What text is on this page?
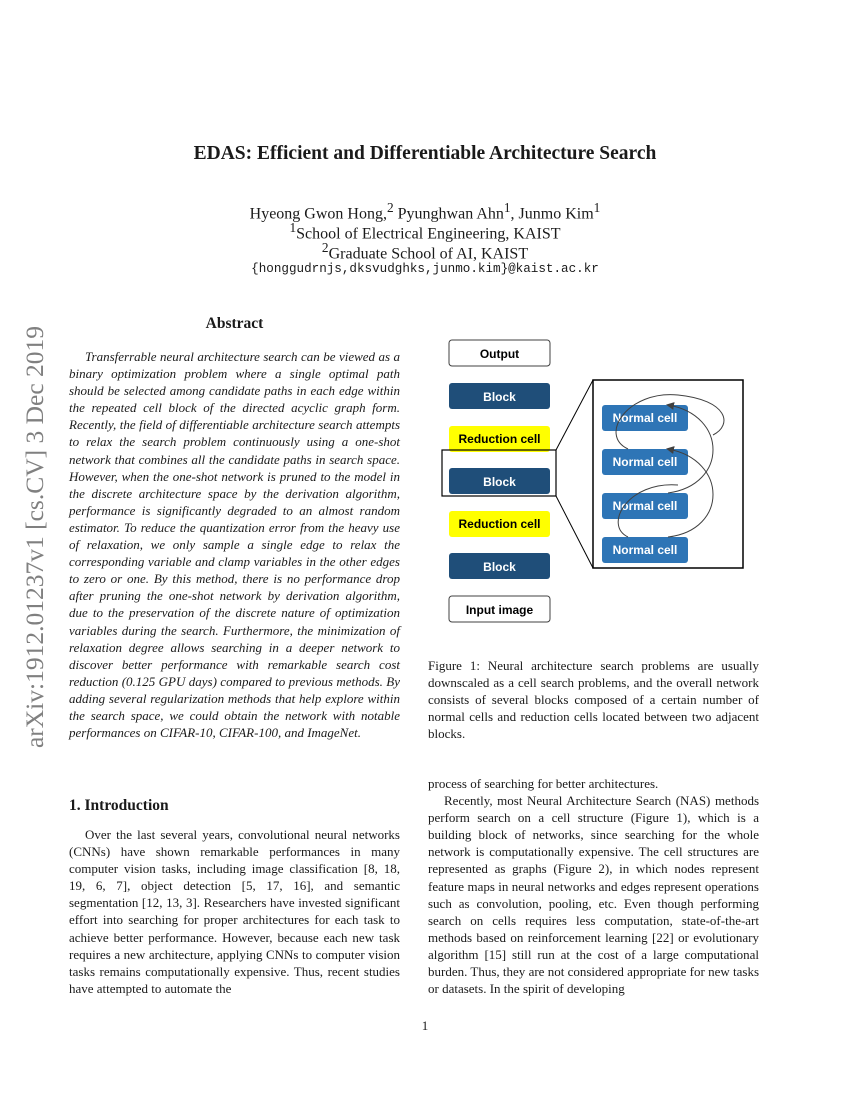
arXiv:1912.01237v1 [cs.CV] 3 Dec 2019
EDAS: Efficient and Differentiable Architecture Search
Hyeong Gwon Hong,$^2$ Pyunghwan Ahn$^1$, Junmo Kim$^1$
$^1$School of Electrical Engineering, KAIST
$^2$Graduate School of AI, KAIST
{honggudrnjs,dksvudghks,junmo.kim}@kaist.ac.kr
Abstract
Transferrable neural architecture search can be viewed as a binary optimization problem where a single optimal path should be selected among candidate paths in each edge within the repeated cell block of the directed acyclic graph form. Recently, the field of differentiable architecture search attempts to relax the search problem continuously using a one-shot network that combines all the candidate paths in search space. However, when the one-shot network is pruned to the model in the discrete architecture space by the derivation algorithm, performance is significantly degraded to an almost random estimator. To reduce the quantization error from the heavy use of relaxation, we only sample a single edge to relax the corresponding variable and clamp variables in the other edges to zero or one. By this method, there is no performance drop after pruning the one-shot network by derivation algorithm, due to the preservation of the discrete nature of optimization variables during the search. Furthermore, the minimization of relaxation degree allows searching in a deeper network to discover better performance with remarkable search cost reduction (0.125 GPU days) compared to previous methods. By adding several regularization methods that help explore within the search space, we could obtain the network with notable performances on CIFAR-10, CIFAR-100, and ImageNet.
1. Introduction
Over the last several years, convolutional neural networks (CNNs) have shown remarkable performances in many computer vision tasks, including image classification [8, 18, 19, 6, 7], object detection [5, 17, 16], and semantic segmentation [12, 13, 3]. Researchers have invested significant effort into searching for proper architectures for each task to achieve better performance. However, because each new task requires a new architecture, applying CNNs to computer vision tasks remains computationally expensive. Thus, recent studies have attempted to automate the
Output
Block
Reduction cell
Block
Reduction cell
Block
Input image
Normal cell
Normal cell
Normal cell
Normal cell
Figure 1: Neural architecture search problems are usually downscaled as a cell search problems, and the overall network consists of several blocks composed of a certain number of normal cells and reduction cells located between two adjacent blocks.

process of searching for better architectures.

Recently, most Neural Architecture Search (NAS) methods perform search on a cell structure (Figure 1), which is a building block of networks, since searching for the whole network is computationally expensive. The cell structures are represented as graphs (Figure 2), in which nodes represent feature maps in neural networks and edges represent operations such as convolution, pooling, etc. Even though performing search on cells requires less computation, state-of-the-art methods based on reinforcement learning [22] or evolutionary algorithm [15] still run at the cost of a large computational burden. Thus, they are not considered appropriate for new tasks or datasets. In the spirit of developing

1
